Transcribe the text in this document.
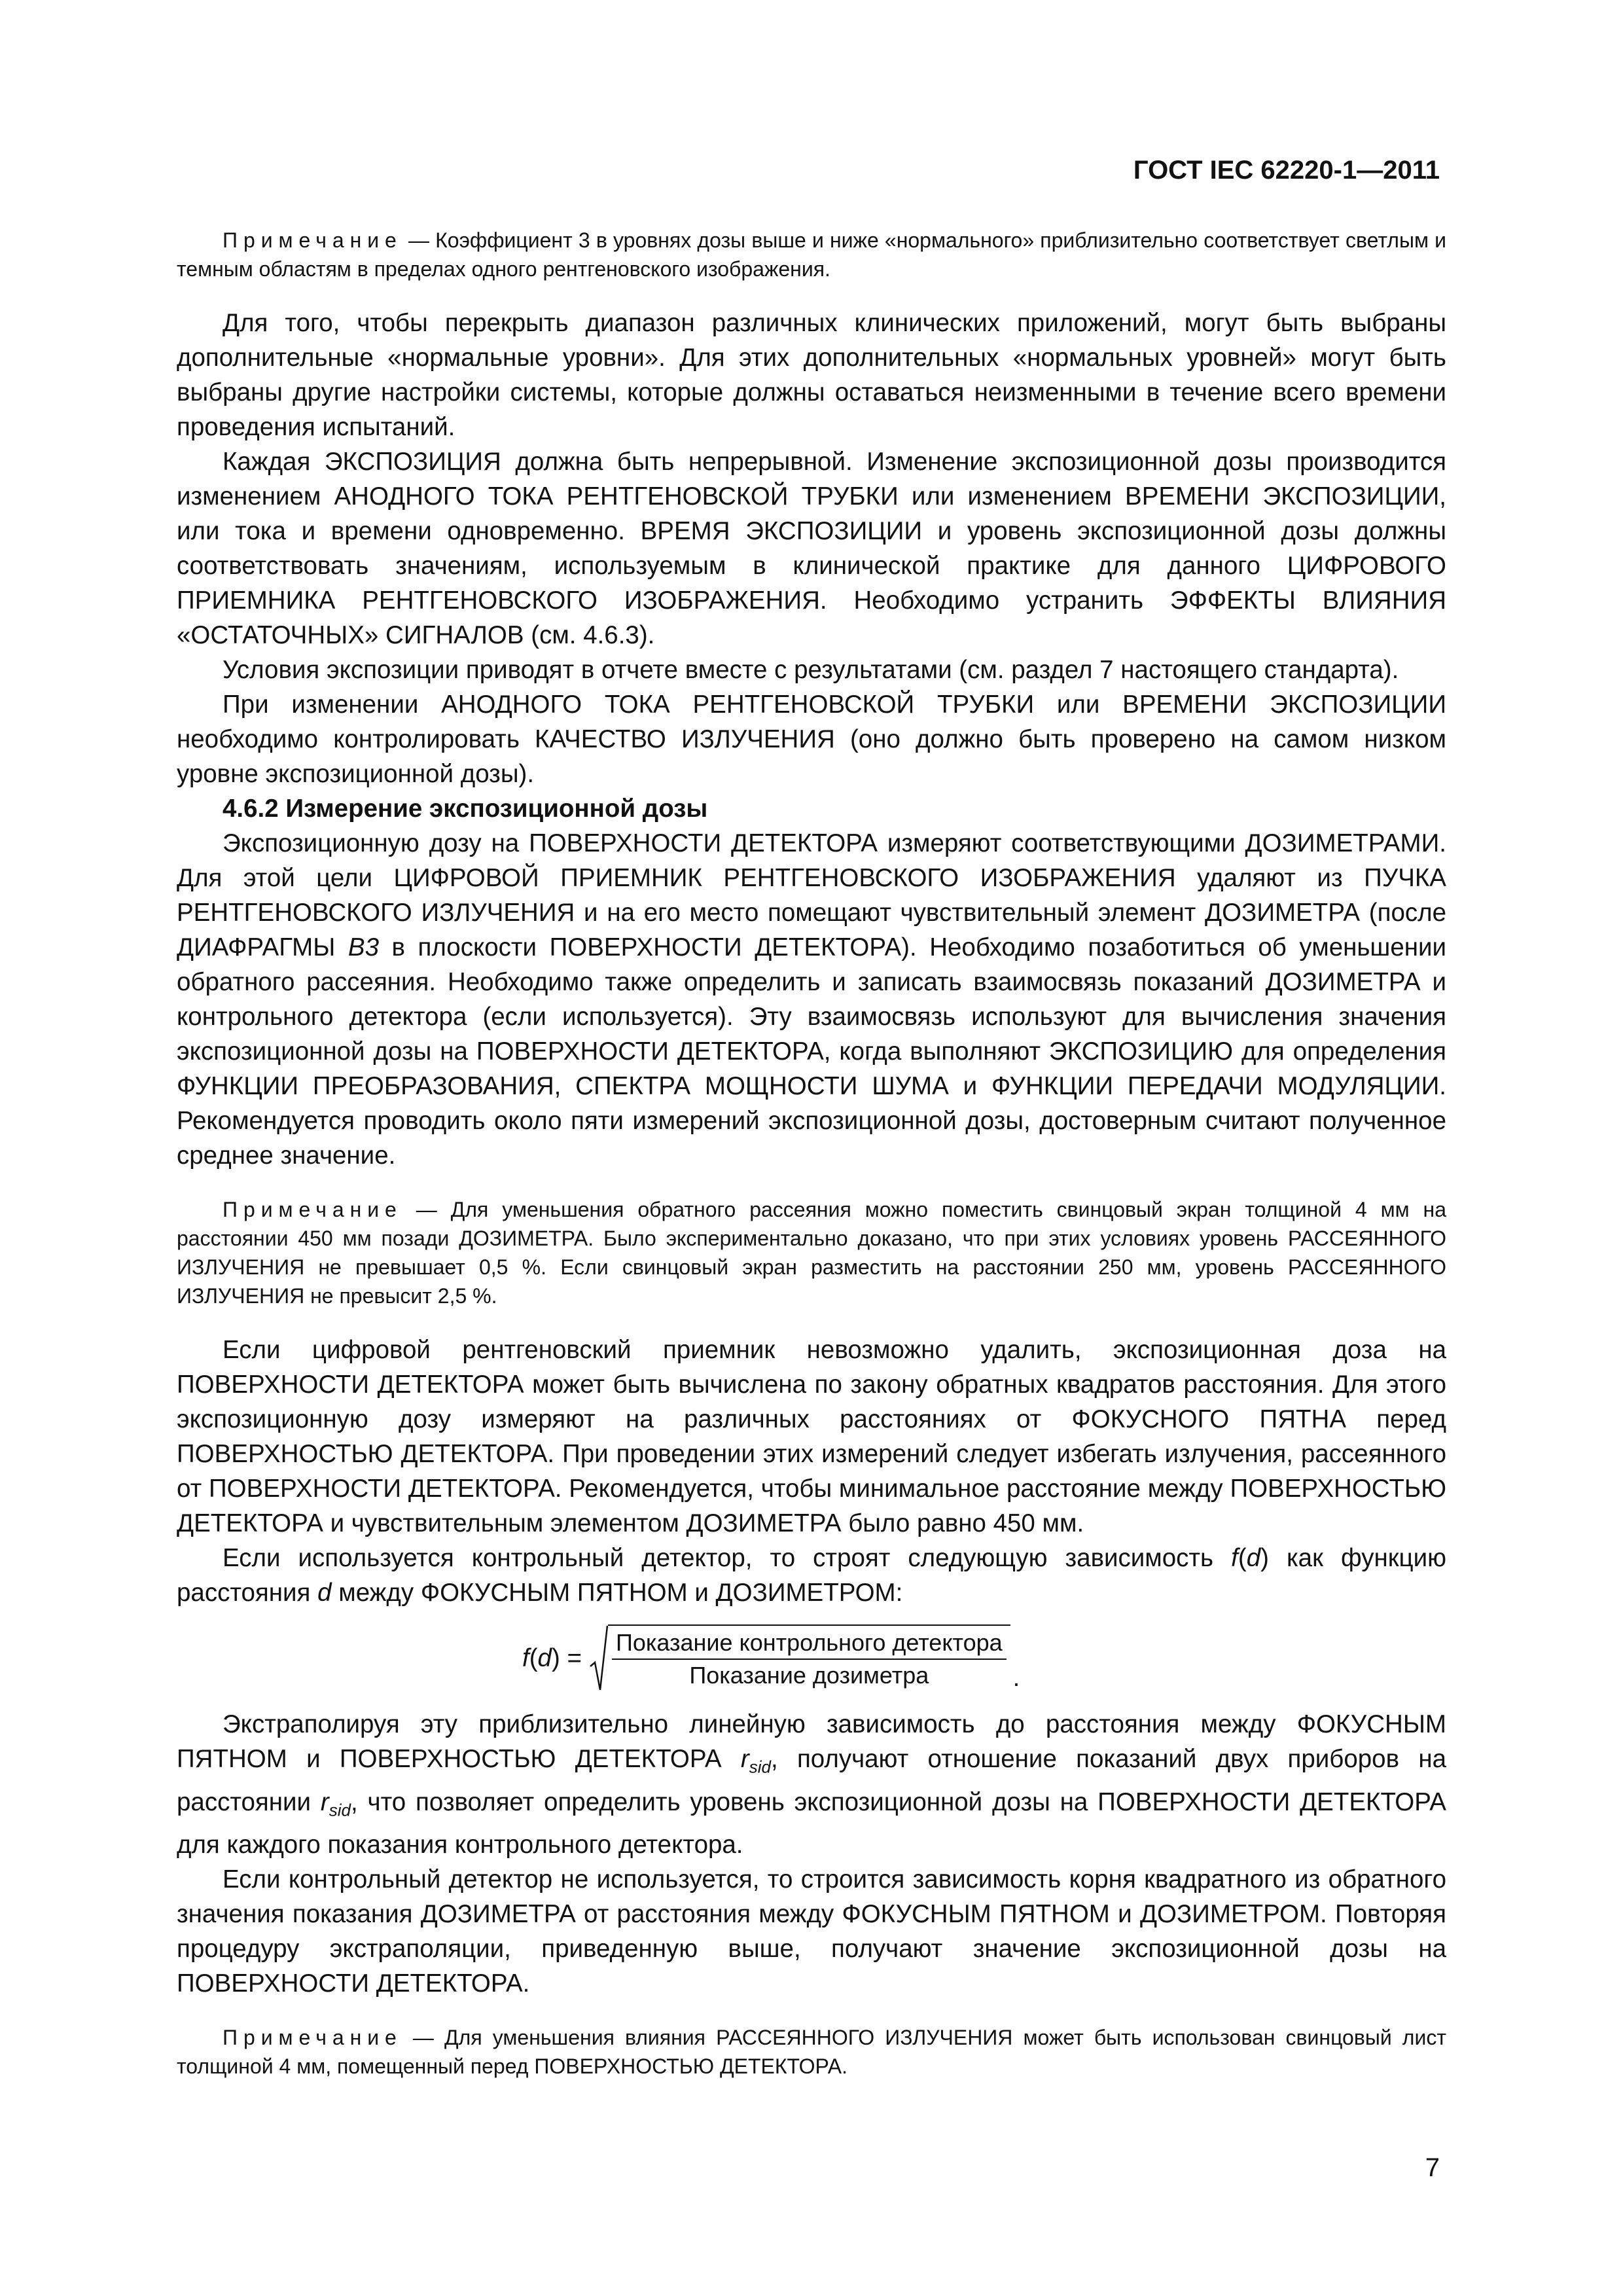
ГОСТ IEC 62220-1—2011

Примечание — Коэффициент 3 в уровнях дозы выше и ниже «нормального» приблизительно соответствует светлым и темным областям в пределах одного рентгеновского изображения.

Для того, чтобы перекрыть диапазон различных клинических приложений, могут быть выбраны дополнительные «нормальные уровни». Для этих дополнительных «нормальных уровней» могут быть выбраны другие настройки системы, которые должны оставаться неизменными в течение всего времени проведения испытаний.

Каждая ЭКСПОЗИЦИЯ должна быть непрерывной. Изменение экспозиционной дозы производится изменением АНОДНОГО ТОКА РЕНТГЕНОВСКОЙ ТРУБКИ или изменением ВРЕМЕНИ ЭКСПОЗИЦИИ, или тока и времени одновременно. ВРЕМЯ ЭКСПОЗИЦИИ и уровень экспозиционной дозы должны соответствовать значениям, используемым в клинической практике для данного ЦИФРОВОГО ПРИЕМНИКА РЕНТГЕНОВСКОГО ИЗОБРАЖЕНИЯ. Необходимо устранить ЭФФЕКТЫ ВЛИЯНИЯ «ОСТАТОЧНЫХ» СИГНАЛОВ (см. 4.6.3).

Условия экспозиции приводят в отчете вместе с результатами (см. раздел 7 настоящего стандарта).

При изменении АНОДНОГО ТОКА РЕНТГЕНОВСКОЙ ТРУБКИ или ВРЕМЕНИ ЭКСПОЗИЦИИ необходимо контролировать КАЧЕСТВО ИЗЛУЧЕНИЯ (оно должно быть проверено на самом низком уровне экспозиционной дозы).

4.6.2 Измерение экспозиционной дозы

Экспозиционную дозу на ПОВЕРХНОСТИ ДЕТЕКТОРА измеряют соответствующими ДОЗИМЕТРАМИ. Для этой цели ЦИФРОВОЙ ПРИЕМНИК РЕНТГЕНОВСКОГО ИЗОБРАЖЕНИЯ удаляют из ПУЧКА РЕНТГЕНОВСКОГО ИЗЛУЧЕНИЯ и на его место помещают чувствительный элемент ДОЗИМЕТРА (после ДИАФРАГМЫ B3 в плоскости ПОВЕРХНОСТИ ДЕТЕКТОРА). Необходимо позаботиться об уменьшении обратного рассеяния. Необходимо также определить и записать взаимосвязь показаний ДОЗИМЕТРА и контрольного детектора (если используется). Эту взаимосвязь используют для вычисления значения экспозиционной дозы на ПОВЕРХНОСТИ ДЕТЕКТОРА, когда выполняют ЭКСПОЗИЦИЮ для определения ФУНКЦИИ ПРЕОБРАЗОВАНИЯ, СПЕКТРА МОЩНОСТИ ШУМА и ФУНКЦИИ ПЕРЕДАЧИ МОДУЛЯЦИИ. Рекомендуется проводить около пяти измерений экспозиционной дозы, достоверным считают полученное среднее значение.

Примечание — Для уменьшения обратного рассеяния можно поместить свинцовый экран толщиной 4 мм на расстоянии 450 мм позади ДОЗИМЕТРА. Было экспериментально доказано, что при этих условиях уровень РАССЕЯННОГО ИЗЛУЧЕНИЯ не превышает 0,5 %. Если свинцовый экран разместить на расстоянии 250 мм, уровень РАССЕЯННОГО ИЗЛУЧЕНИЯ не превысит 2,5 %.

Если цифровой рентгеновский приемник невозможно удалить, экспозиционная доза на ПОВЕРХНОСТИ ДЕТЕКТОРА может быть вычислена по закону обратных квадратов расстояния. Для этого экспозиционную дозу измеряют на различных расстояниях от ФОКУСНОГО ПЯТНА перед ПОВЕРХНОСТЬЮ ДЕТЕКТОРА. При проведении этих измерений следует избегать излучения, рассеянного от ПОВЕРХНОСТИ ДЕТЕКТОРА. Рекомендуется, чтобы минимальное расстояние между ПОВЕРХНОСТЬЮ ДЕТЕКТОРА и чувствительным элементом ДОЗИМЕТРА было равно 450 мм.

Если используется контрольный детектор, то строят следующую зависимость f(d) как функцию расстояния d между ФОКУСНЫМ ПЯТНОМ и ДОЗИМЕТРОМ:

$f(d) = \frac{\text{Показание контрольного детектора}}{\text{Показание дозиметра}}$ .

Экстраполируя эту приблизительно линейную зависимость до расстояния между ФОКУСНЫМ ПЯТНОМ и ПОВЕРХНОСТЬЮ ДЕТЕКТОРА $r_{sid}$, получают отношение показаний двух приборов на расстоянии $r_{sid}$, что позволяет определить уровень экспозиционной дозы на ПОВЕРХНОСТИ ДЕТЕКТОРА для каждого показания контрольного детектора.

Если контрольный детектор не используется, то строится зависимость корня квадратного из обратного значения показания ДОЗИМЕТРА от расстояния между ФОКУСНЫМ ПЯТНОМ и ДОЗИМЕТРОМ. Повторяя процедуру экстраполяции, приведенную выше, получают значение экспозиционной дозы на ПОВЕРХНОСТИ ДЕТЕКТОРА.

Примечание — Для уменьшения влияния РАССЕЯННОГО ИЗЛУЧЕНИЯ может быть использован свинцовый лист толщиной 4 мм, помещенный перед ПОВЕРХНОСТЬЮ ДЕТЕКТОРА.

7
